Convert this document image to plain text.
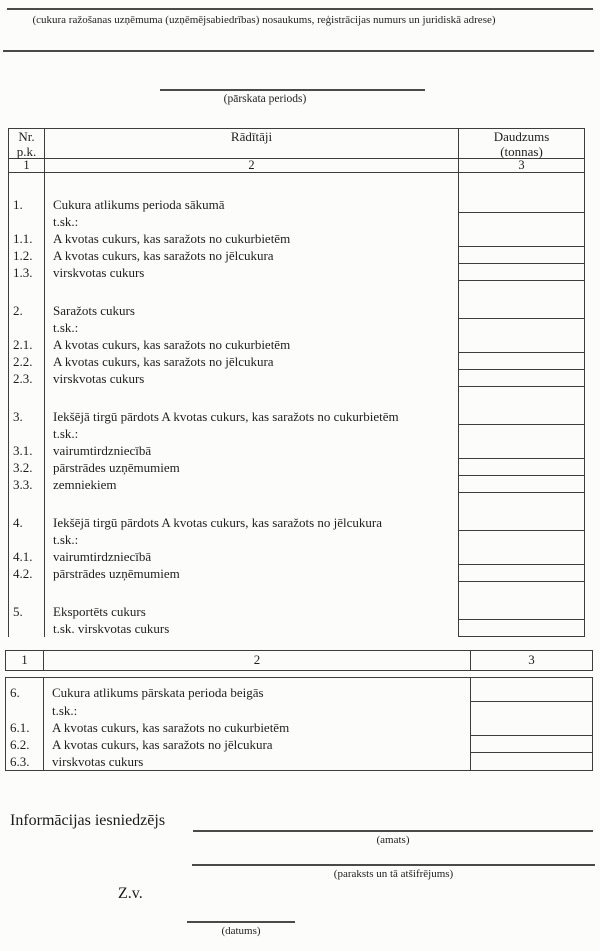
(cukura ražošanas uzņēmuma (uzņēmējsabiedrības) nosaukums, reģistrācijas numurs un juridiskā adrese)
(pārskata periods)
Nr.
p.k.
Rādītāji	Daudzums
(tonnas)
1	2	3
1.	Cukura atlikums perioda sākumā
t.sk.:
1.1.	A kvotas cukurs, kas saražots no cukurbietēm
1.2.	A kvotas cukurs, kas saražots no jēlcukura
1.3.	virskvotas cukurs
2.	Saražots cukurs
t.sk.:
2.1.	A kvotas cukurs, kas saražots no cukurbietēm
2.2.	A kvotas cukurs, kas saražots no jēlcukura
2.3.	virskvotas cukurs
3.	Iekšējā tirgū pārdots A kvotas cukurs, kas saražots no cukurbietēm
t.sk.:
3.1.	vairumtirdzniecībā
3.2.	pārstrādes uzņēmumiem
3.3.	zemniekiem
4.	Iekšējā tirgū pārdots A kvotas cukurs, kas saražots no jēlcukura
t.sk.:
4.1.	vairumtirdzniecībā
4.2.	pārstrādes uzņēmumiem
5.	Eksportēts cukurs
t.sk. virskvotas cukurs
1	2	3
6.	Cukura atlikums pārskata perioda beigās
t.sk.:
6.1.	A kvotas cukurs, kas saražots no cukurbietēm
6.2.	A kvotas cukurs, kas saražots no jēlcukura
6.3.	virskvotas cukurs
Informācijas iesniedzējs
(amats)
(paraksts un tā atšifrējums)
Z.v.
(datums)
